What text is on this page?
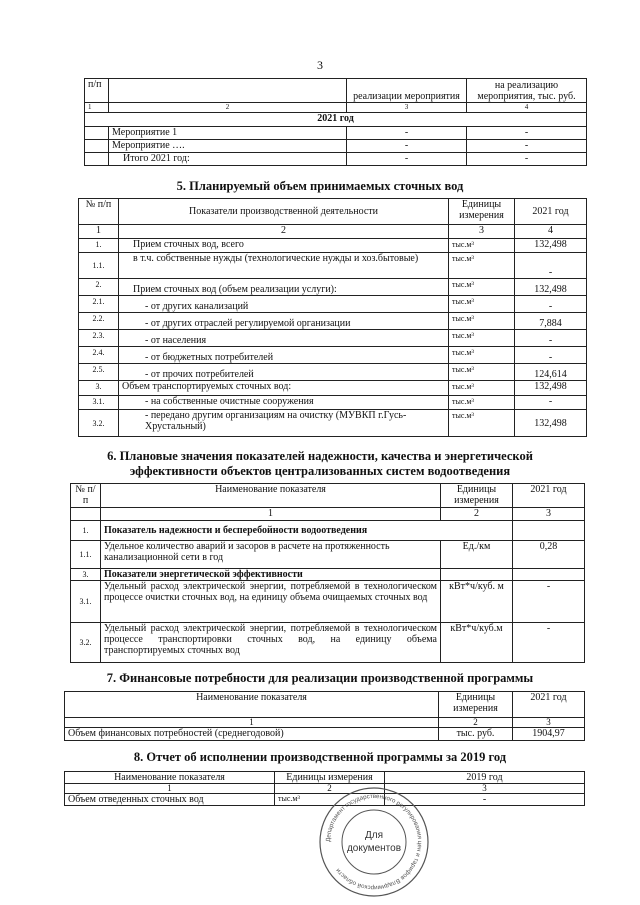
3
п/п		реализации мероприятия	на реализацию мероприятия, тыс. руб.
1	2	3	4
2021 год			
	Мероприятие 1	-	-
	Мероприятие ….	-	-
	Итого 2021 год:	-	-
5. Планируемый объем принимаемых сточных вод
№ п/п	Показатели производственной деятельности	Единицы измерения	2021 год
1	2	3	4
1.	Прием сточных вод, всего	тыс.м³	132,498
1.1.	в т.ч. собственные нужды (технологические нужды и хоз.бытовые)	тыс.м³	-
2.	Прием сточных вод (объем реализации услуги):	тыс.м³	132,498
2.1.	- от других канализаций	тыс.м³	-
2.2.	- от других отраслей регулируемой организации	тыс.м³	7,884
2.3.	- от населения	тыс.м³	-
2.4.	- от бюджетных потребителей	тыс.м³	-
2.5.	- от прочих потребителей	тыс.м³	124,614
3.	Объем транспортируемых сточных вод:	тыс.м³	132,498
3.1.	- на собственные очистные сооружения	тыс.м³	-
3.2.	- передано другим организациям на очистку (МУВКП г.Гусь-Хрустальный)	тыс.м³	132,498
6. Плановые значения показателей надежности, качества и энергетической
эффективности объектов централизованных систем водоотведения
№ п/п	Наименование показателя	Единицы измерения	2021 год
	1	2	3
1.	Показатель надежности и бесперебойности водоотведения		
1.1.	Удельное количество аварий и засоров в расчете на протяженность канализационной сети в год	Ед./км	0,28
3.	Показатели энергетической эффективности		
3.1.	Удельный расход электрической энергии, потребляемой в технологическом процессе очистки сточных вод, на единицу объема очищаемых сточных вод	кВт*ч/куб. м	-
3.2.	Удельный расход электрической энергии, потребляемой в технологическом процессе транспортировки сточных вод, на единицу объема транспортируемых сточных вод	кВт*ч/куб.м	-
7. Финансовые потребности для реализации производственной программы
Наименование показателя	Единицы измерения	2021 год
1	2	3
Объем финансовых потребностей (среднегодовой)	тыс. руб.	1904,97
8. Отчет об исполнении производственной программы за 2019 год
Наименование показателя	Единицы измерения	2019 год
1	2	3
Объем отведенных сточных вод	тыс.м³	-
Департамент государственного регулирования цен и тарифов Владимирской области
Для
документов
